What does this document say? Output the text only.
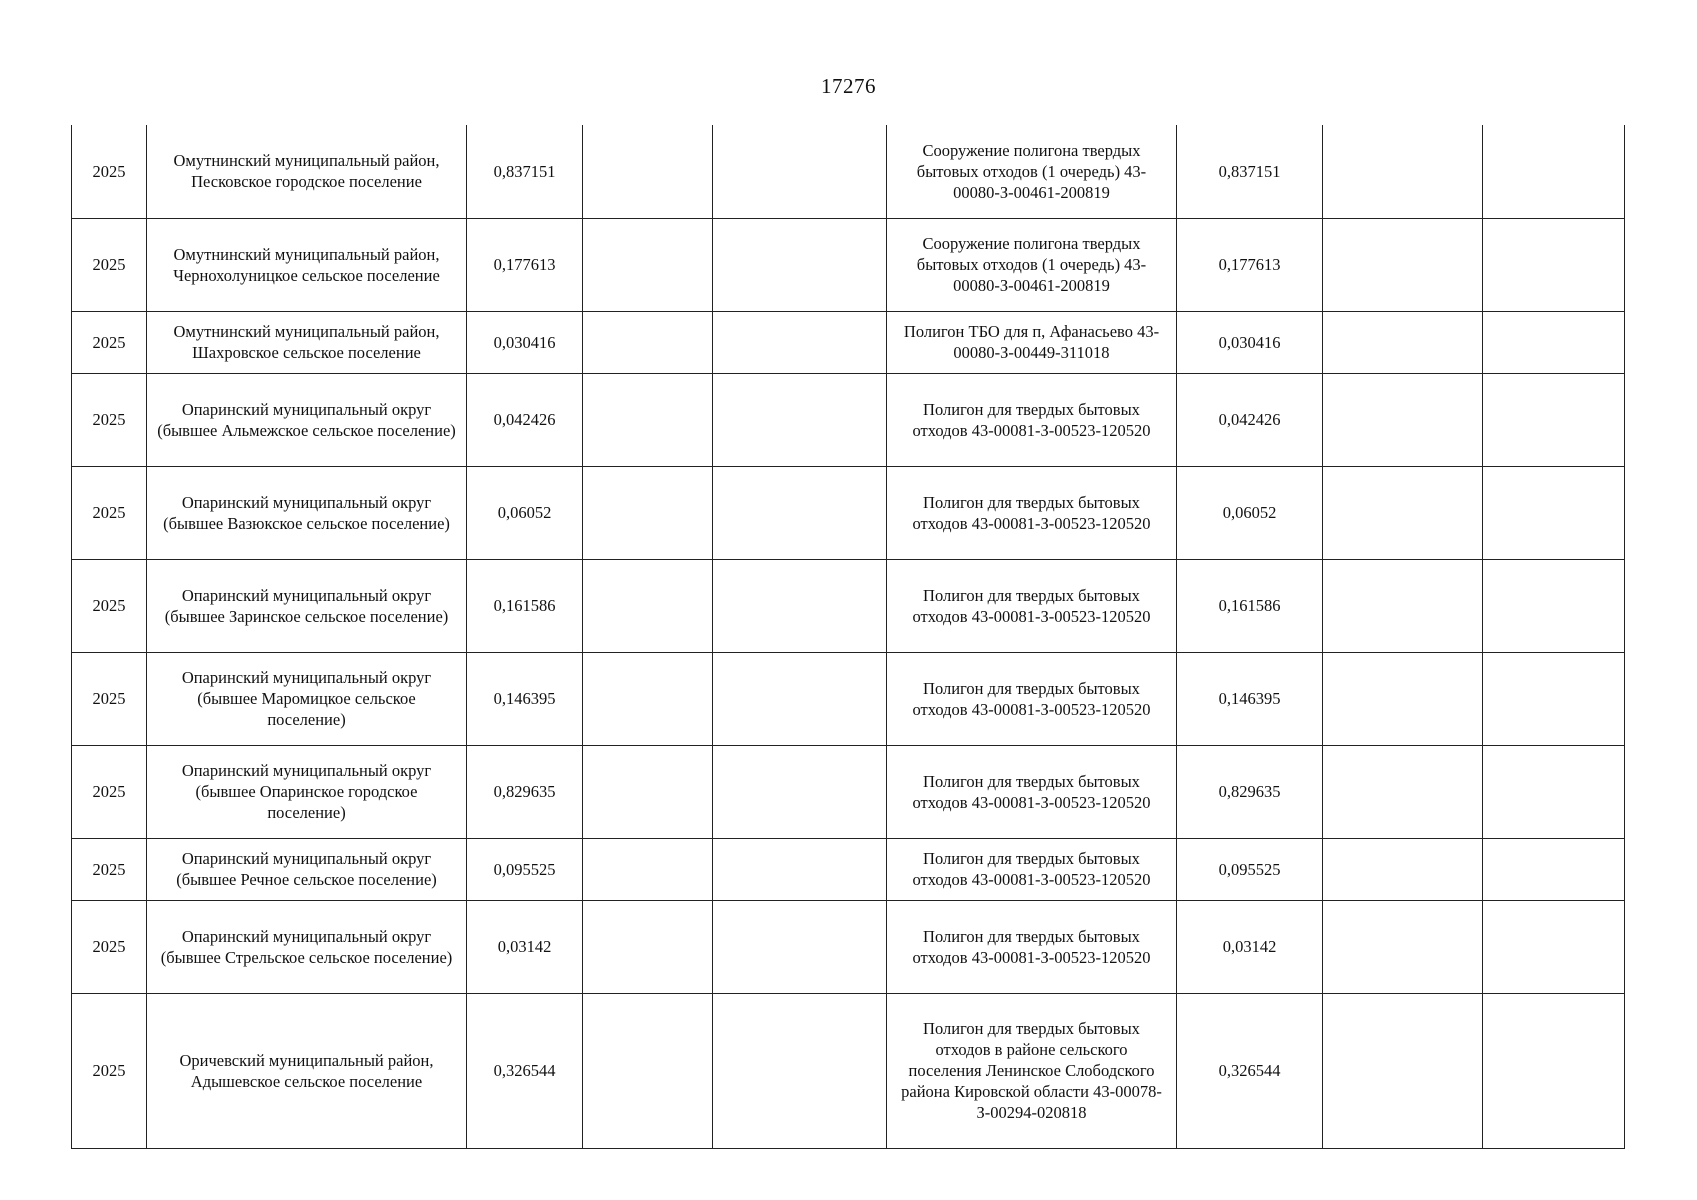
17276
2025	Омутнинский муниципальный район, Песковское городское поселение	0,837151			Сооружение полигона твердых бытовых отходов (1 очередь) 43-00080-З-00461-200819	0,837151		
2025	Омутнинский муниципальный район, Чернохолуницкое сельское поселение	0,177613			Сооружение полигона твердых бытовых отходов (1 очередь) 43-00080-З-00461-200819	0,177613		
2025	Омутнинский муниципальный район, Шахровское сельское поселение	0,030416			Полигон ТБО для п, Афанасьево 43-00080-З-00449-311018	0,030416		
2025	Опаринский муниципальный округ (бывшее Альмежское сельское поселение)	0,042426			Полигон для твердых бытовых отходов 43-00081-З-00523-120520	0,042426		
2025	Опаринский муниципальный округ (бывшее Вазюкское сельское поселение)	0,06052			Полигон для твердых бытовых отходов 43-00081-З-00523-120520	0,06052		
2025	Опаринский муниципальный округ (бывшее Заринское сельское поселение)	0,161586			Полигон для твердых бытовых отходов 43-00081-З-00523-120520	0,161586		
2025	Опаринский муниципальный округ (бывшее Маромицкое сельское поселение)	0,146395			Полигон для твердых бытовых отходов 43-00081-З-00523-120520	0,146395		
2025	Опаринский муниципальный округ (бывшее Опаринское городское поселение)	0,829635			Полигон для твердых бытовых отходов 43-00081-З-00523-120520	0,829635		
2025	Опаринский муниципальный округ (бывшее Речное сельское поселение)	0,095525			Полигон для твердых бытовых отходов 43-00081-З-00523-120520	0,095525		
2025	Опаринский муниципальный округ (бывшее Стрельское сельское поселение)	0,03142			Полигон для твердых бытовых отходов 43-00081-З-00523-120520	0,03142		
2025	Оричевский муниципальный район, Адышевское сельское поселение	0,326544			Полигон для твердых бытовых отходов в районе сельского поселения Ленинское Слободского района Кировской области 43-00078-З-00294-020818	0,326544		
